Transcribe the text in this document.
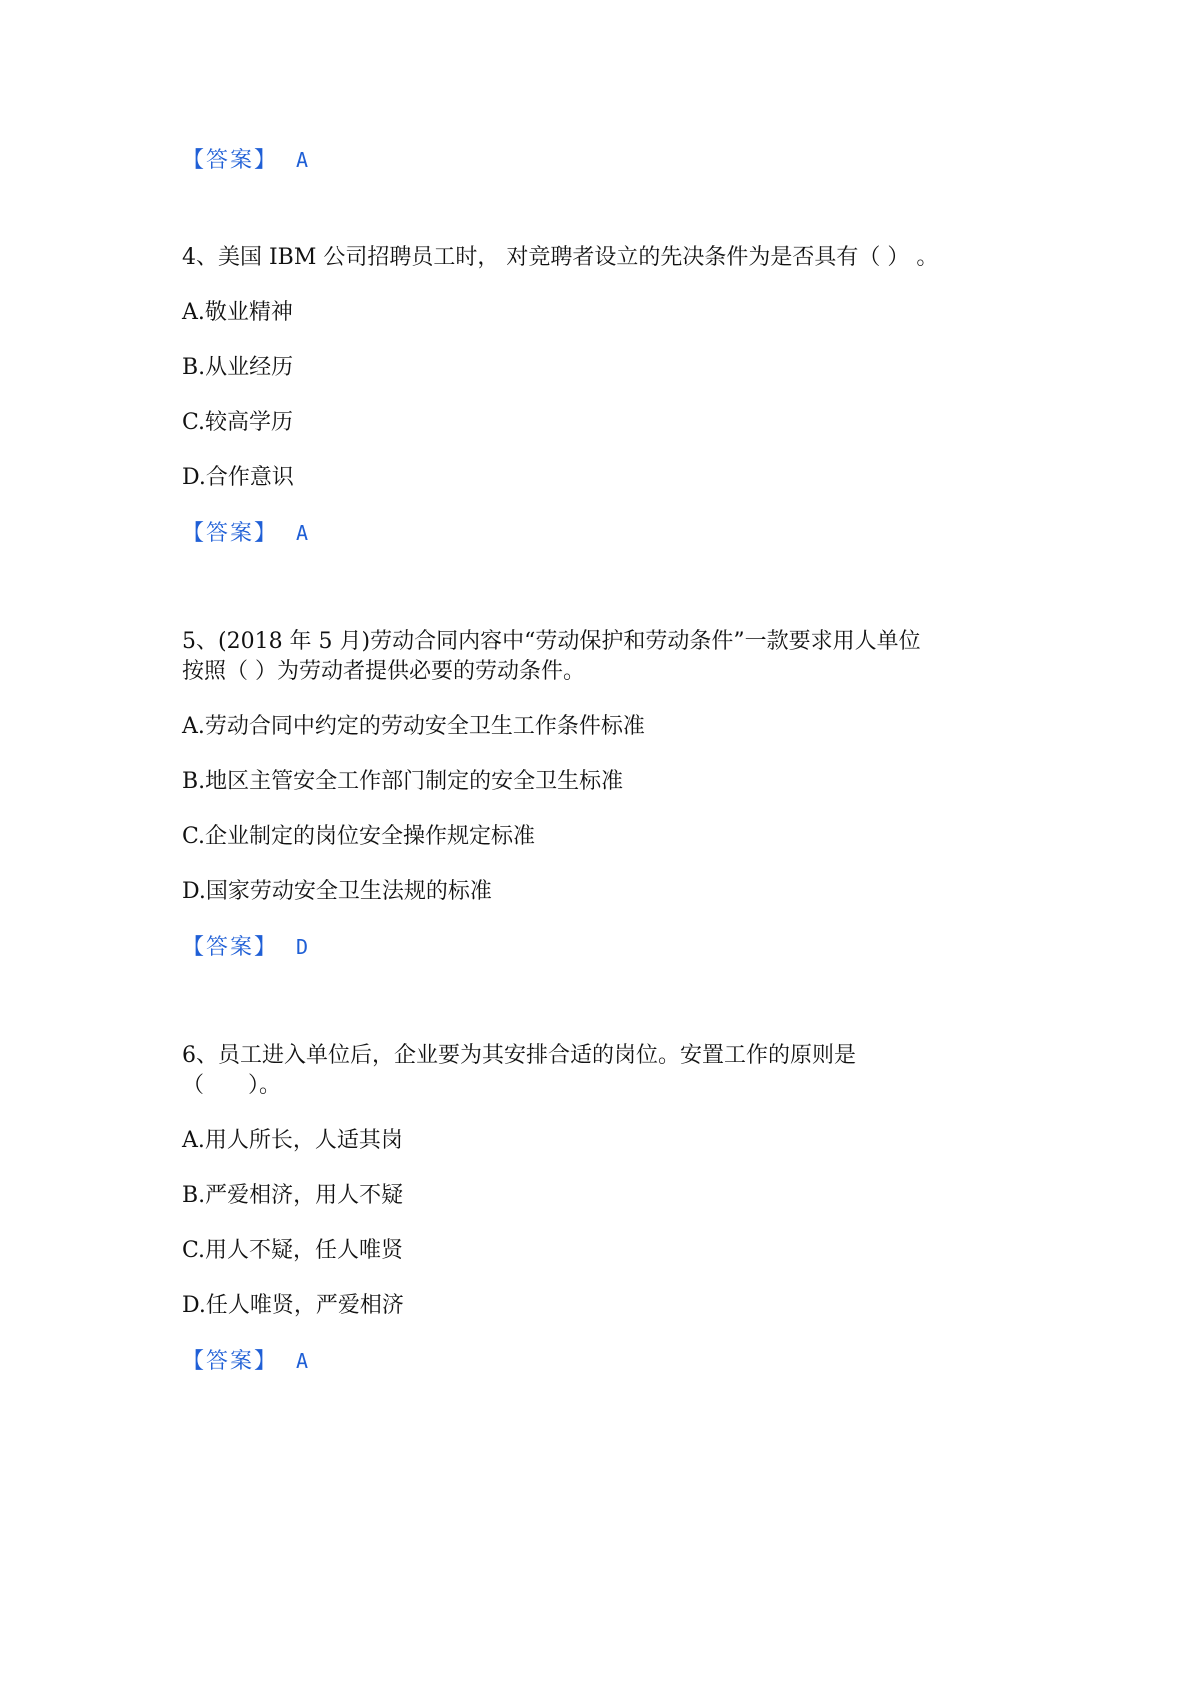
【答案】 A
4、美国 IBM 公司招聘员工时， 对竞聘者设立的先决条件为是否具有（ ） 。
A.敬业精神
B.从业经历
C.较高学历
D.合作意识
【答案】 A
5、(2018 年 5 月)劳动合同内容中“劳动保护和劳动条件”一款要求用人单位
按照（ ）为劳动者提供必要的劳动条件。
A.劳动合同中约定的劳动安全卫生工作条件标准
B.地区主管安全工作部门制定的安全卫生标准
C.企业制定的岗位安全操作规定标准
D.国家劳动安全卫生法规的标准
【答案】 D
6、员工进入单位后，企业要为其安排合适的岗位。安置工作的原则是
（　　）。
A.用人所长，人适其岗
B.严爱相济，用人不疑
C.用人不疑，任人唯贤
D.任人唯贤，严爱相济
【答案】 A
